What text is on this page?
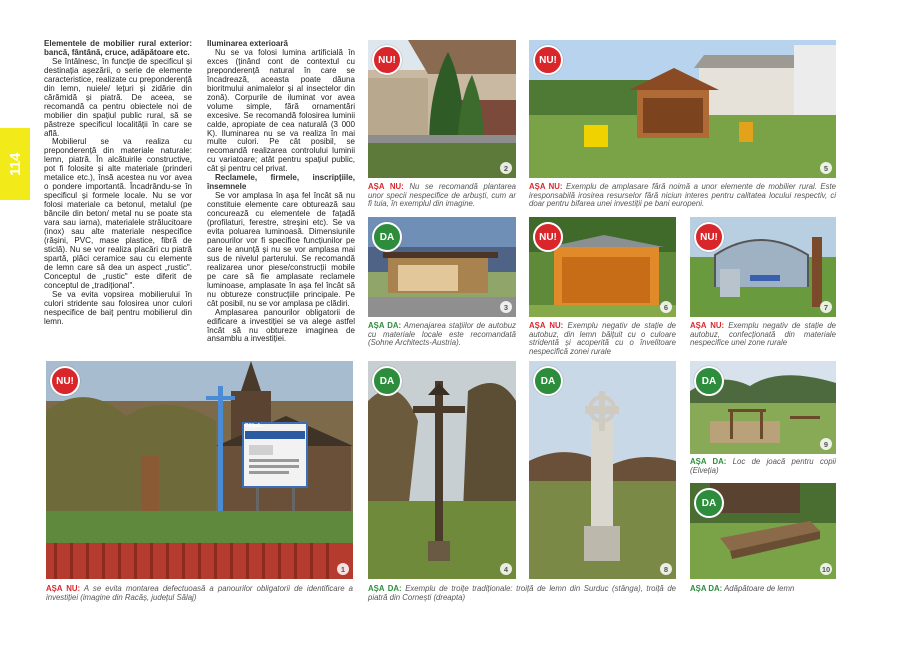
114

Elementele de mobilier rural exterior: bancă, fântână, cruce, adăpătoare etc.

Se întâlnesc, în funcție de specificul și destinația așezării, o serie de elemente caracteristice, realizate cu preponderență din lemn, nuiele/ lețuri și zidărie din cărămidă și piatră. De aceea, se recomandă ca pentru obiectele noi de mobilier din spațiul public rural, să se păstreze specificul localității în care se află.

Mobilierul se va realiza cu preponderență din materiale naturale: lemn, piatră. În alcătuirile constructive, pot fi folosite și alte materiale (prinderi metalice etc.), însă acestea nu vor avea o pondere importantă. Încadrându-se în specificul și formele locale. Nu se vor folosi materiale ca betonul, metalul (pe băncile din beton/ metal nu se poate sta vara sau iarna), materialele strălucitoare (inox) sau alte materiale nespecifice (rășini, PVC, mase plastice, fibră de sticlă). Nu se vor realiza placări cu piatră spartă, plăci ceramice sau cu elemente de lemn care să dea un aspect „rustic". Conceptul de „rustic" este diferit de conceptul de „tradițional".

Se va evita vopsirea mobilierului în culori stridente sau folosirea unor culori nespecifice de baiț pentru mobilierul din lemn.

Iluminarea exterioară

Nu se va folosi lumina artificială în exces (ținând cont de contextul cu preponderență natural în care se încadrează, aceasta poate dăuna bioritmului animalelor și al insectelor din zonă). Corpurile de iluminat vor avea volume simple, fără ornamentări excesive. Se recomandă folosirea luminii calde, apropiate de cea naturală (3 000 K). Iluminarea nu se va realiza în mai multe culori. Pe cât posibil, se recomandă realizarea controlului luminii cu variatoare; atât pentru spațiul public, cât și pentru cel privat.

Reclamele, firmele, inscripțiile, însemnele

Se vor amplasa în așa fel încât să nu constituie elemente care obturează sau concurează cu elementele de fațadă (profilaturi, ferestre, streșini etc). Se va evita poluarea luminoasă. Dimensiunile panourilor vor fi specifice funcțiunilor pe care le anunță și nu se vor amplasa mai sus de nivelul parterului. Se recomandă realizarea unor piese/construcții mobile pe care să fie amplasate reclamele luminoase, amplasate în așa fel încât să nu obtureze construcțiile principale. Pe cât posibil, nu se vor amplasa pe clădiri.

Amplasarea panourilor obligatorii de edificare a investiției se va alege astfel încât să nu obtureze imaginea de ansamblu a investiției.

NU!
2
NU!
5
AȘA NU: Nu se recomandă plantarea unor specii nespecifice de arbuști, cum ar fi tuia, în exemplul din imagine.
AȘA NU: Exemplu de amplasare fără noimă a unor elemente de mobilier rural. Este iresponsabilă irosirea resurselor fără niciun interes pentru calitatea locului respectiv, ci doar pentru bifarea unei investiții pe bani europeni.
DA
3
NU!
6
NU!
7
AȘA DA: Amenajarea stațiilor de autobuz cu materiale locale este recomandată (Sohne Architects-Austria).
AȘA NU: Exemplu negativ de stație de autobuz, din lemn băițuit cu o culoare stridentă și acoperită cu o învelitoare nespecifică zonei rurale
AȘA NU: Exemplu negativ de stație de autobuz, confecționată din materiale nespecifice unei zone rurale
NU!
Băligă...
1
DA
4
DA
8
DA
9
AȘA DA: Loc de joacă pentru copii (Elveția)
DA
10
AȘA NU: A se evita montarea defectuoasă a panourilor obligatorii de identificare a investiției (imagine din Racăș, județul Sălaj)
AȘA DA: Exemplu de troițe tradiționale: troiță de lemn din Surduc (stânga), troiță de piatră din Cornești (dreapta)
AȘA DA: Adăpătoare de lemn
